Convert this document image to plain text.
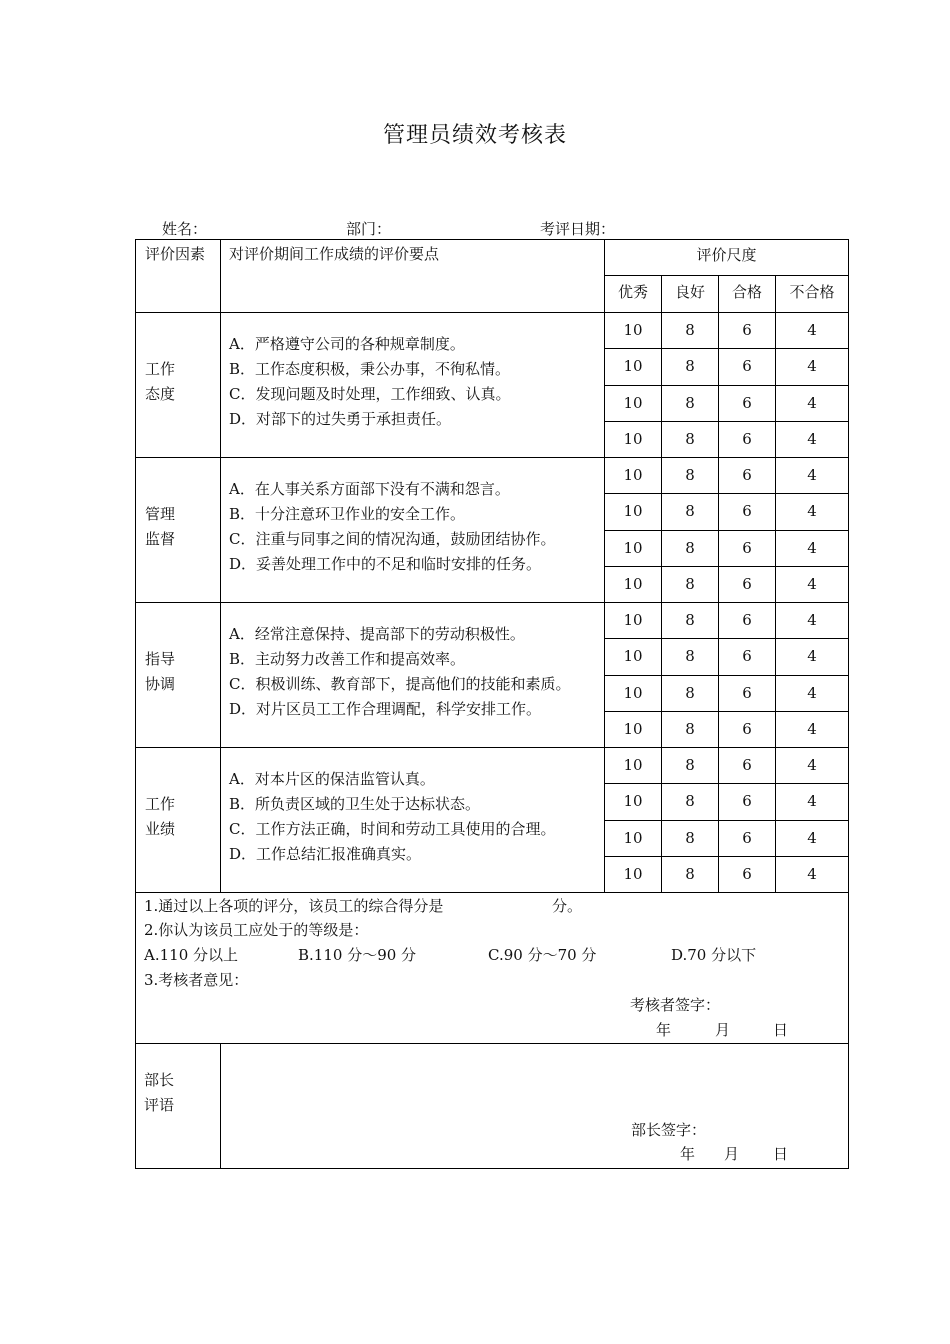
管理员绩效考核表
姓名：	部门：	考评日期：
评价因素 对评价期间工作成绩的评价要点	评价尺度
优秀	良好	合格	不合格
工作
态度
A．严格遵守公司的各种规章制度。
B．工作态度积极，秉公办事，不徇私情。
C．发现问题及时处理，工作细致、认真。
D．对部下的过失勇于承担责任。
10	8	6	4
10	8	6	4
10	8	6	4
10	8	6	4
管理
监督
A．在人事关系方面部下没有不满和怨言。
B．十分注意环卫作业的安全工作。
C．注重与同事之间的情况沟通，鼓励团结协作。
D．妥善处理工作中的不足和临时安排的任务。
10	8	6	4
10	8	6	4
10	8	6	4
10	8	6	4
指导
协调
A．经常注意保持、提高部下的劳动积极性。
B．主动努力改善工作和提高效率。
C．积极训练、教育部下，提高他们的技能和素质。
D．对片区员工工作合理调配，科学安排工作。
10	8	6	4
10	8	6	4
10	8	6	4
10	8	6	4
工作
业绩
A．对本片区的保洁监管认真。
B．所负责区域的卫生处于达标状态。
C．工作方法正确，时间和劳动工具使用的合理。
D．工作总结汇报准确真实。
10	8	6	4
10	8	6	4
10	8	6	4
10	8	6	4
1.通过以上各项的评分，该员工的综合得分是	分。
2.你认为该员工应处于的等级是：
A.110 分以上	B.110 分～90 分	C.90 分～70 分	D.70 分以下
3.考核者意见：
考核者签字：
年	月	日
部长
评语
部长签字：
年 月 日
